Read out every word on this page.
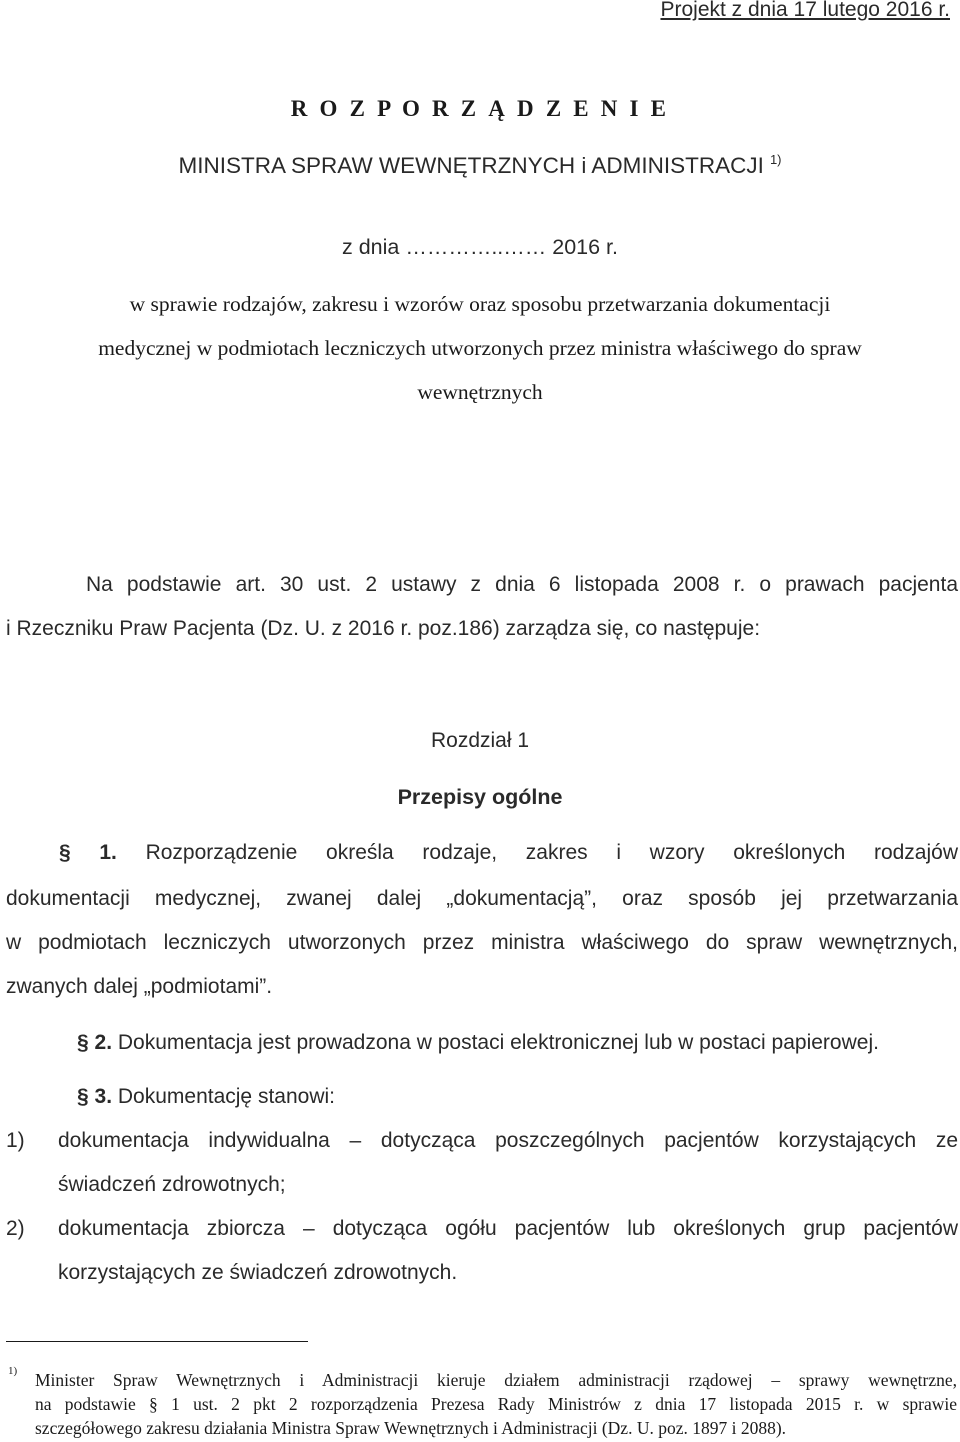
Projekt z dnia 17 lutego 2016 r.
R O Z P O R Z Ą D Z E N I E
MINISTRA SPRAW WEWNĘTRZNYCH i ADMINISTRACJI $^{1)}$
z dnia …………..…… 2016 r.
w sprawie rodzajów, zakresu i wzorów oraz sposobu przetwarzania dokumentacji
medycznej w podmiotach leczniczych utworzonych przez ministra właściwego do spraw
wewnętrznych
Na podstawie art. 30 ust. 2 ustawy z dnia 6 listopada 2008 r. o prawach pacjenta
i Rzeczniku Praw Pacjenta (Dz. U. z 2016 r. poz.186) zarządza się, co następuje:
Rozdział 1
Przepisy ogólne
§ 1. Rozporządzenie określa rodzaje, zakres i wzory określonych rodzajów
dokumentacji medycznej, zwanej dalej „dokumentacją”, oraz sposób jej przetwarzania
w podmiotach leczniczych utworzonych przez ministra właściwego do spraw wewnętrznych,
zwanych dalej „podmiotami”.
§ 2. Dokumentacja jest prowadzona w postaci elektronicznej lub w postaci papierowej.
§ 3. Dokumentację stanowi:
1) dokumentacja indywidualna – dotycząca poszczególnych pacjentów korzystających ze
świadczeń zdrowotnych;
2) dokumentacja zbiorcza – dotycząca ogółu pacjentów lub określonych grup pacjentów
korzystających ze świadczeń zdrowotnych.
1) Minister Spraw Wewnętrznych i Administracji kieruje działem administracji rządowej – sprawy wewnętrzne,
na podstawie § 1 ust. 2 pkt 2 rozporządzenia Prezesa Rady Ministrów z dnia 17 listopada 2015 r. w sprawie
szczegółowego zakresu działania Ministra Spraw Wewnętrznych i Administracji (Dz. U. poz. 1897 i 2088).
